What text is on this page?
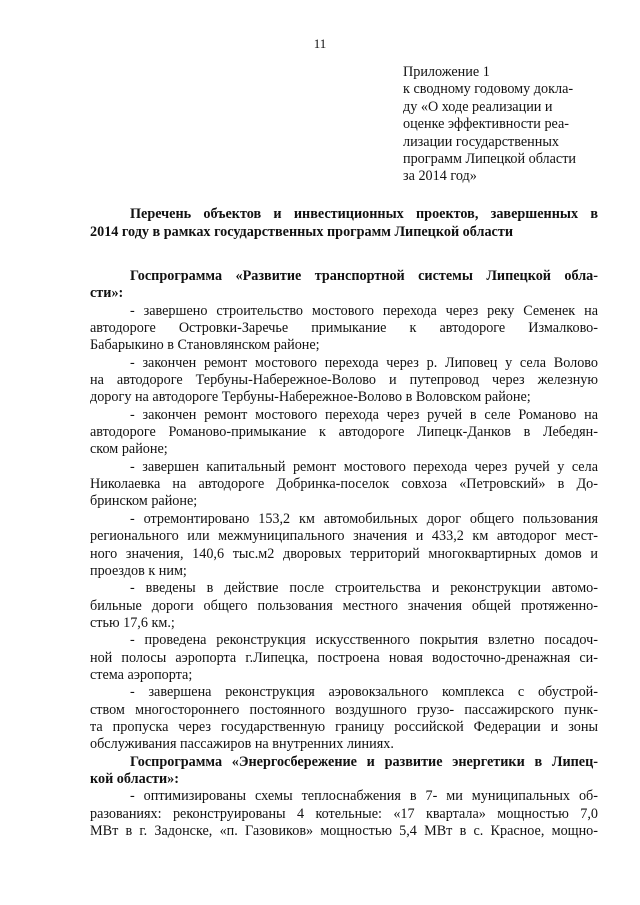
11
Приложение 1
к сводному годовому докла-
ду «О ходе реализации и
оценке эффективности реа-
лизации государственных
программ Липецкой области
за 2014 год»
Перечень объектов и инвестиционных проектов, завершенных в
2014 году в рамках государственных программ Липецкой области
Госпрограмма «Развитие транспортной системы Липецкой обла-
сти»:
- завершено строительство мостового перехода через реку Семенек на
автодороге Островки-Заречье примыкание к автодороге Измалково-
Бабарыкино в Становлянском районе;
- закончен ремонт мостового перехода через р. Липовец у села Волово
на автодороге Тербуны-Набережное-Волово и путепровод через железную
дорогу на автодороге Тербуны-Набережное-Волово в Воловском районе;
- закончен ремонт мостового перехода через ручей в селе Романово на
автодороге Романово-примыкание к автодороге Липецк-Данков в Лебедян-
ском районе;
- завершен капитальный ремонт мостового перехода через ручей у села
Николаевка на автодороге Добринка-поселок совхоза «Петровский» в До-
бринском районе;
- отремонтировано 153,2 км автомобильных дорог общего пользования
регионального или межмуниципального значения и 433,2 км автодорог мест-
ного значения, 140,6 тыс.м2 дворовых территорий многоквартирных домов и
проездов к ним;
- введены в действие после строительства и реконструкции автомо-
бильные дороги общего пользования местного значения общей протяженно-
стью 17,6 км.;
- проведена реконструкция искусственного покрытия взлетно посадоч-
ной полосы аэропорта г.Липецка, построена новая водосточно-дренажная си-
стема аэропорта;
- завершена реконструкция аэровокзального комплекса с обустрой-
ством многостороннего постоянного воздушного грузо- пассажирского пунк-
та пропуска через государственную границу российской Федерации и зоны
обслуживания пассажиров на внутренних линиях.
Госпрограмма «Энергосбережение и развитие энергетики в Липец-
кой области»:
- оптимизированы схемы теплоснабжения в 7- ми муниципальных об-
разованиях: реконструированы 4 котельные: «17 квартала» мощностью 7,0
МВт в г. Задонске, «п. Газовиков» мощностью 5,4 МВт в с. Красное, мощно-
